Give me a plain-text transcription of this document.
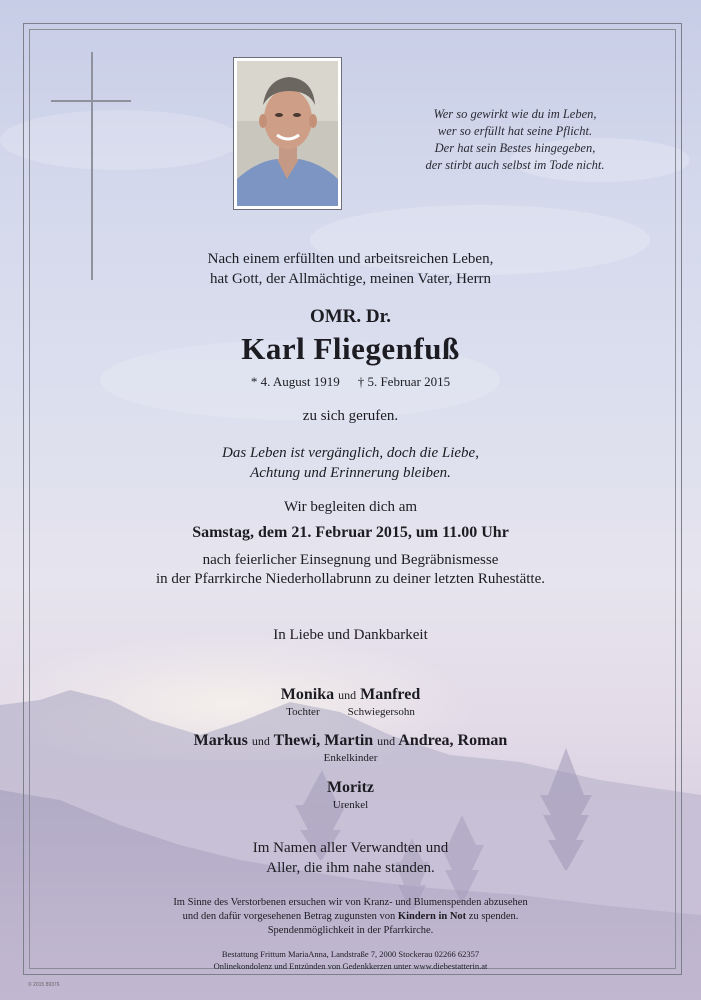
Wer so gewirkt wie du im Leben,
wer so erfüllt hat seine Pflicht.
Der hat sein Bestes hingegeben,
der stirbt auch selbst im Tode nicht.
Nach einem erfüllten und arbeitsreichen Leben,
hat Gott, der Allmächtige, meinen Vater, Herrn
OMR. Dr.
Karl Fliegenfuß
* 4. August 1919 † 5. Februar 2015
zu sich gerufen.
Das Leben ist vergänglich, doch die Liebe,
Achtung und Erinnerung bleiben.
Wir begleiten dich am
Samstag, dem 21. Februar 2015, um 11.00 Uhr
nach feierlicher Einsegnung und Begräbnismesse
in der Pfarrkirche Niederhollabrunn zu deiner letzten Ruhestätte.
In Liebe und Dankbarkeit
Monika und Manfred
Tochter	Schwiegersohn
Markus und Thewi, Martin und Andrea, Roman
Enkelkinder
Moritz
Urenkel
Im Namen aller Verwandten und
Aller, die ihm nahe standen.
Im Sinne des Verstorbenen ersuchen wir von Kranz- und Blumenspenden abzusehen
und den dafür vorgesehenen Betrag zugunsten von Kindern in Not zu spenden.
Spendenmöglichkeit in der Pfarrkirche.
Bestattung Frittum MariaAnna, Landstraße 7, 2000 Stockerau 02266 62357
Onlinekondolenz und Entzünden von Gedenkkerzen unter www.diebestatterin.at
© 2015 89376
